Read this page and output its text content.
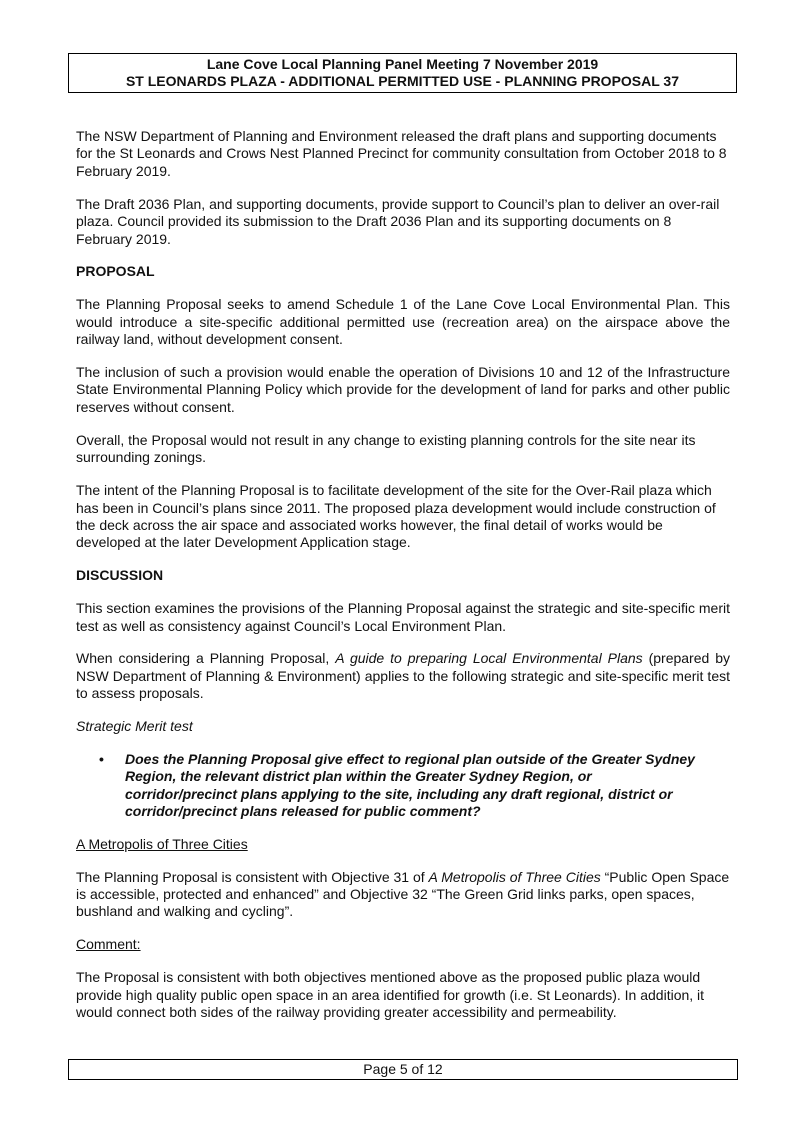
Lane Cove Local Planning Panel Meeting 7 November 2019
ST LEONARDS PLAZA - ADDITIONAL PERMITTED USE - PLANNING PROPOSAL 37

The NSW Department of Planning and Environment released the draft plans and supporting documents for the St Leonards and Crows Nest Planned Precinct for community consultation from October 2018 to 8 February 2019.

The Draft 2036 Plan, and supporting documents, provide support to Council’s plan to deliver an over-rail plaza. Council provided its submission to the Draft 2036 Plan and its supporting documents on 8 February 2019.

PROPOSAL

The Planning Proposal seeks to amend Schedule 1 of the Lane Cove Local Environmental Plan. This would introduce a site-specific additional permitted use (recreation area) on the airspace above the railway land, without development consent.

The inclusion of such a provision would enable the operation of Divisions 10 and 12 of the Infrastructure State Environmental Planning Policy which provide for the development of land for parks and other public reserves without consent.

Overall, the Proposal would not result in any change to existing planning controls for the site near its surrounding zonings.

The intent of the Planning Proposal is to facilitate development of the site for the Over-Rail plaza which has been in Council’s plans since 2011. The proposed plaza development would include construction of the deck across the air space and associated works however, the final detail of works would be developed at the later Development Application stage.

DISCUSSION

This section examines the provisions of the Planning Proposal against the strategic and site-specific merit test as well as consistency against Council’s Local Environment Plan.

When considering a Planning Proposal, A guide to preparing Local Environmental Plans (prepared by NSW Department of Planning & Environment) applies to the following strategic and site-specific merit test to assess proposals.

Strategic Merit test

•	Does the Planning Proposal give effect to regional plan outside of the Greater Sydney Region, the relevant district plan within the Greater Sydney Region, or corridor/precinct plans applying to the site, including any draft regional, district or corridor/precinct plans released for public comment?

A Metropolis of Three Cities

The Planning Proposal is consistent with Objective 31 of A Metropolis of Three Cities “Public Open Space is accessible, protected and enhanced” and Objective 32 “The Green Grid links parks, open spaces, bushland and walking and cycling”.

Comment:

The Proposal is consistent with both objectives mentioned above as the proposed public plaza would provide high quality public open space in an area identified for growth (i.e. St Leonards). In addition, it would connect both sides of the railway providing greater accessibility and permeability.

Page 5 of 12
